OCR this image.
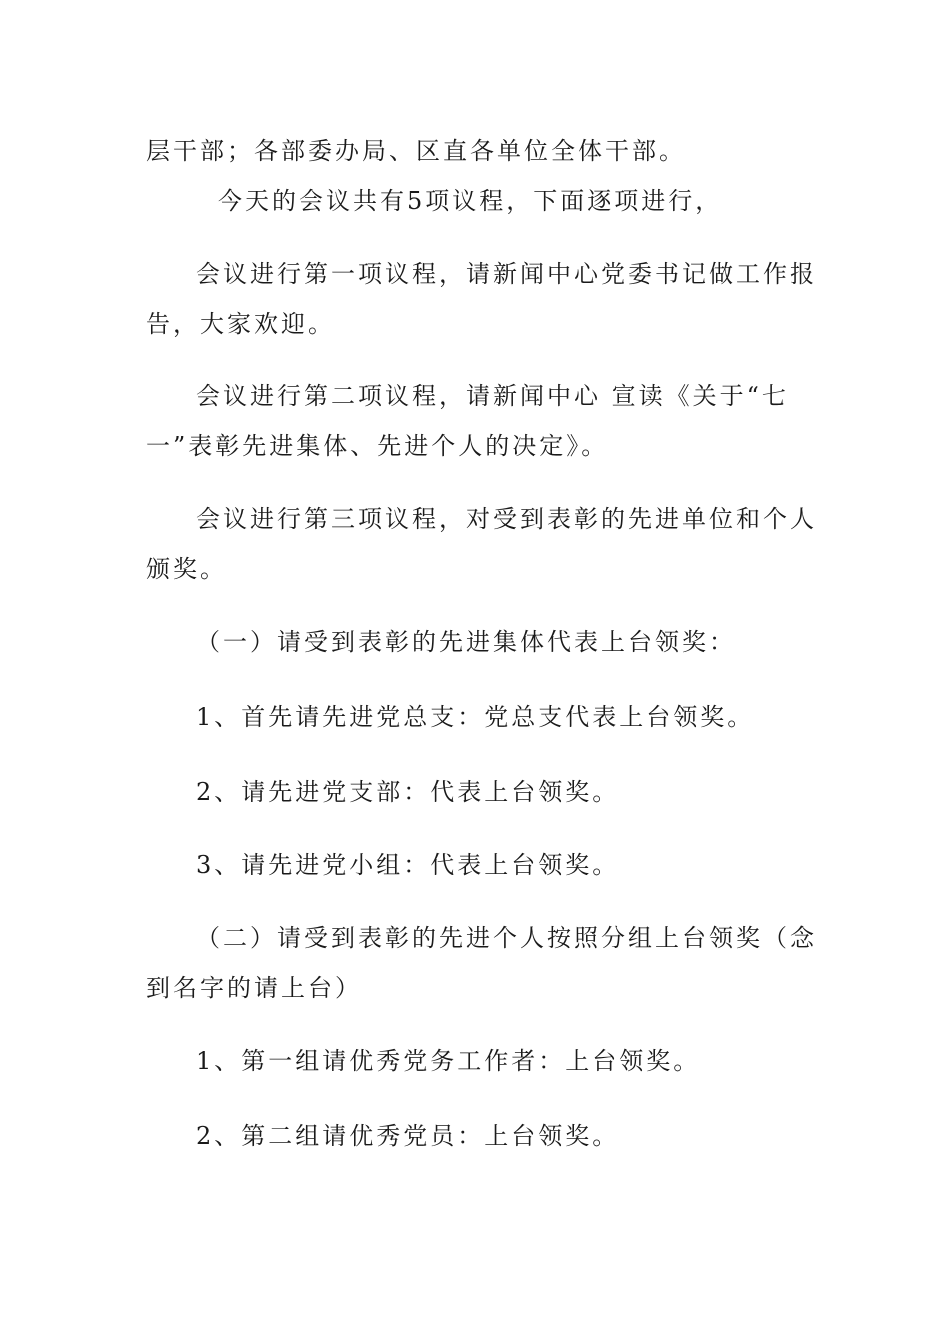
层干部；各部委办局、区直各单位全体干部。

今天的会议共有5项议程，下面逐项进行，

会议进行第一项议程，请新闻中心党委书记做工作报

告，大家欢迎。

会议进行第二项议程，请新闻中心 宣读《关于“七

一”表彰先进集体、先进个人的决定》。

会议进行第三项议程，对受到表彰的先进单位和个人

颁奖。

（一）请受到表彰的先进集体代表上台领奖：

1、首先请先进党总支：党总支代表上台领奖。

2、请先进党支部：代表上台领奖。

3、请先进党小组：代表上台领奖。

（二）请受到表彰的先进个人按照分组上台领奖（念

到名字的请上台）

1、第一组请优秀党务工作者：上台领奖。

2、第二组请优秀党员：上台领奖。
